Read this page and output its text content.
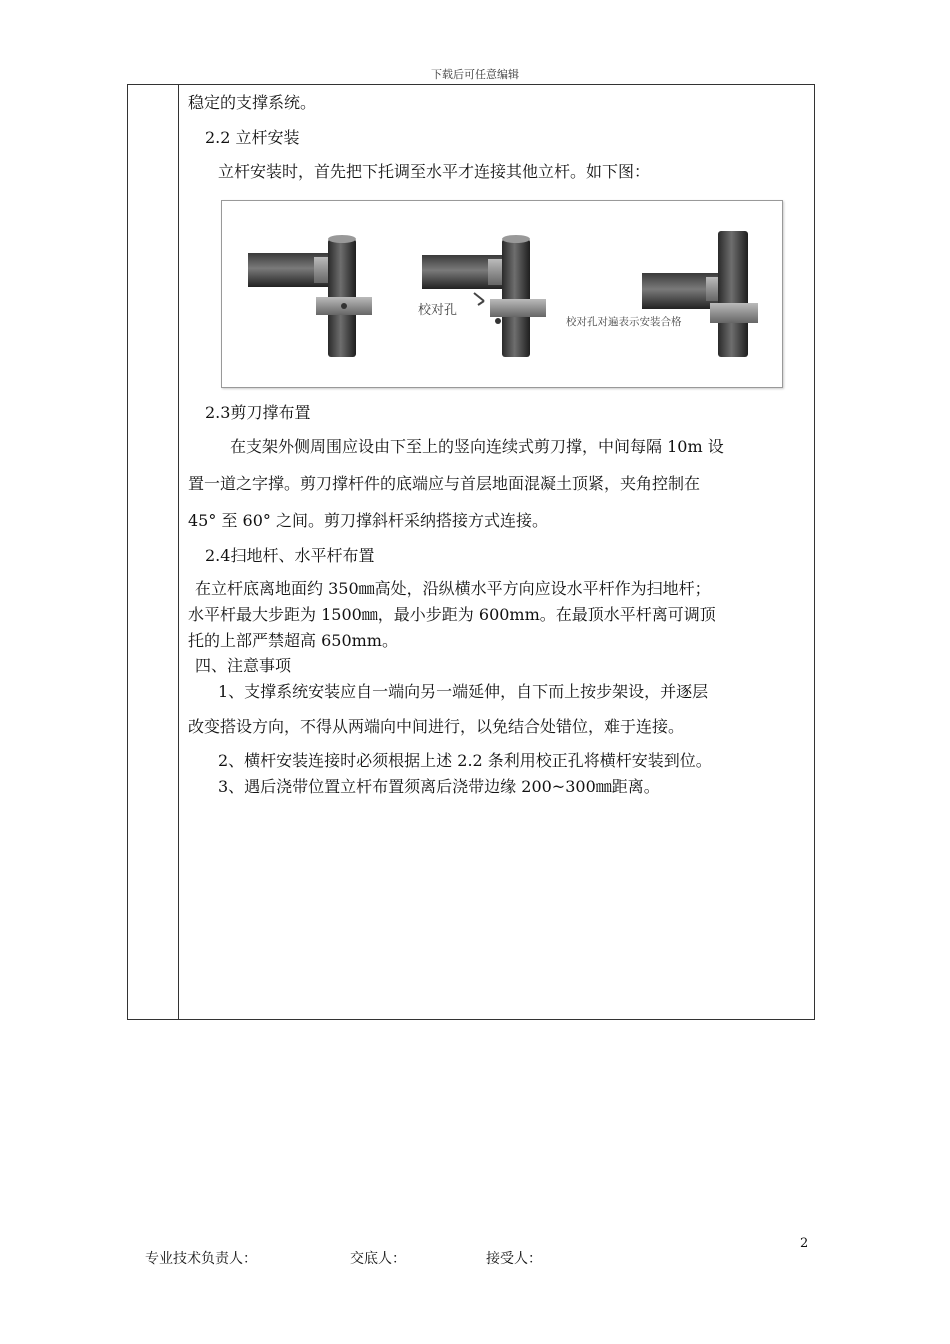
下载后可任意编辑
稳定的支撑系统。
2.2 立杆安装
立杆安装时，首先把下托调至水平才连接其他立杆。如下图：
校对孔
校对孔对遍表示安装合格
2.3剪刀撑布置
在支架外侧周围应设由下至上的竖向连续式剪刀撑，中间每隔 10m 设
置一道之字撑。剪刀撑杆件的底端应与首层地面混凝土顶紧，夹角控制在
45° 至 60° 之间。剪刀撑斜杆采纳搭接方式连接。
2.4扫地杆、水平杆布置
在立杆底离地面约 350㎜高处，沿纵横水平方向应设水平杆作为扫地杆；
水平杆最大步距为 1500㎜，最小步距为 600mm。在最顶水平杆离可调顶
托的上部严禁超高 650mm。
四、注意事项
1、支撑系统安装应自一端向另一端延伸，自下而上按步架设，并逐层
改变搭设方向，不得从两端向中间进行，以免结合处错位，难于连接。
2、横杆安装连接时必须根据上述 2.2 条利用校正孔将横杆安装到位。
3、遇后浇带位置立杆布置须离后浇带边缘 200~300㎜距离。
2
专业技术负责人：	交底人：	接受人：
